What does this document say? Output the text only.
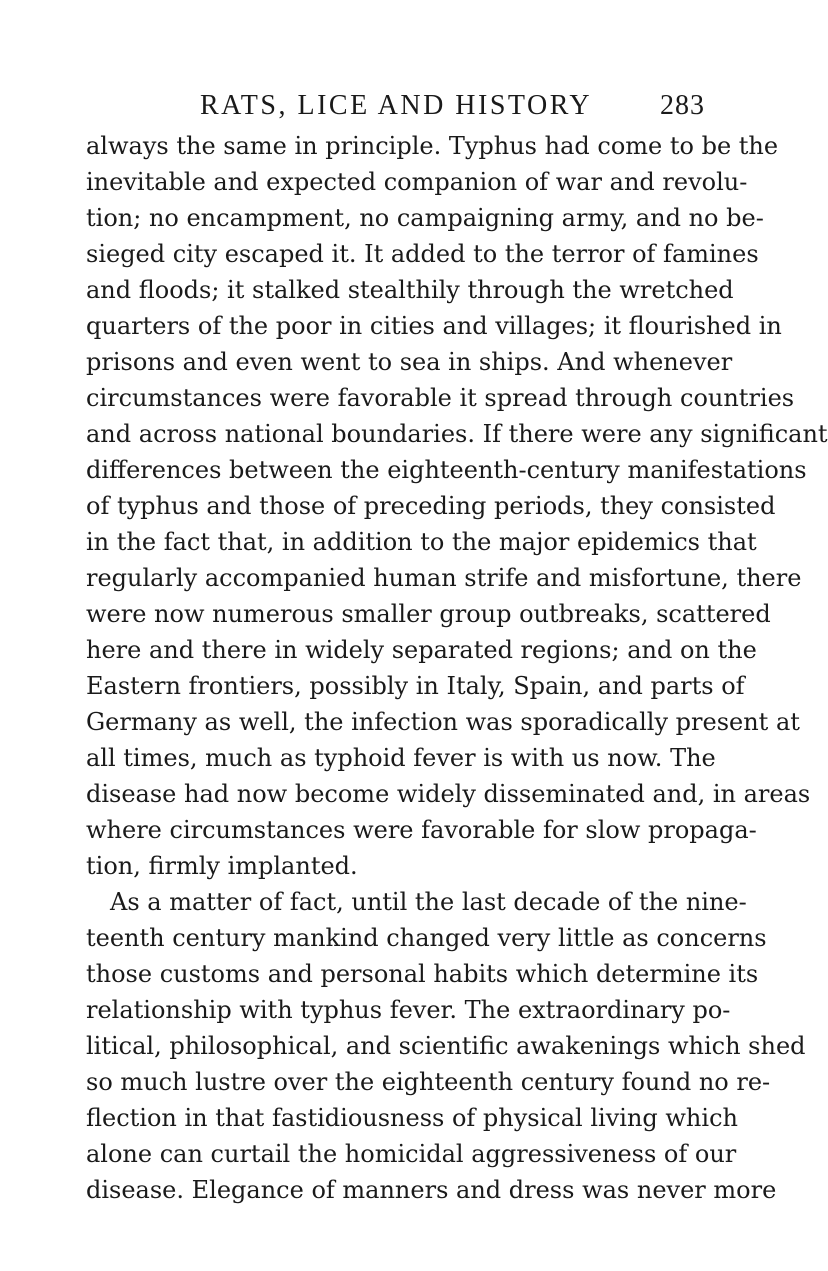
RATS, LICE AND HISTORY 283
always the same in principle. Typhus had come to be the
inevitable and expected companion of war and revolu-
tion; no encampment, no campaigning army, and no be-
sieged city escaped it. It added to the terror of famines
and floods; it stalked stealthily through the wretched
quarters of the poor in cities and villages; it flourished in
prisons and even went to sea in ships. And whenever
circumstances were favorable it spread through countries
and across national boundaries. If there were any significant
differences between the eighteenth-century manifestations
of typhus and those of preceding periods, they consisted
in the fact that, in addition to the major epidemics that
regularly accompanied human strife and misfortune, there
were now numerous smaller group outbreaks, scattered
here and there in widely separated regions; and on the
Eastern frontiers, possibly in Italy, Spain, and parts of
Germany as well, the infection was sporadically present at
all times, much as typhoid fever is with us now. The
disease had now become widely disseminated and, in areas
where circumstances were favorable for slow propaga-
tion, firmly implanted.
As a matter of fact, until the last decade of the nine-
teenth century mankind changed very little as concerns
those customs and personal habits which determine its
relationship with typhus fever. The extraordinary po-
litical, philosophical, and scientific awakenings which shed
so much lustre over the eighteenth century found no re-
flection in that fastidiousness of physical living which
alone can curtail the homicidal aggressiveness of our
disease. Elegance of manners and dress was never more
